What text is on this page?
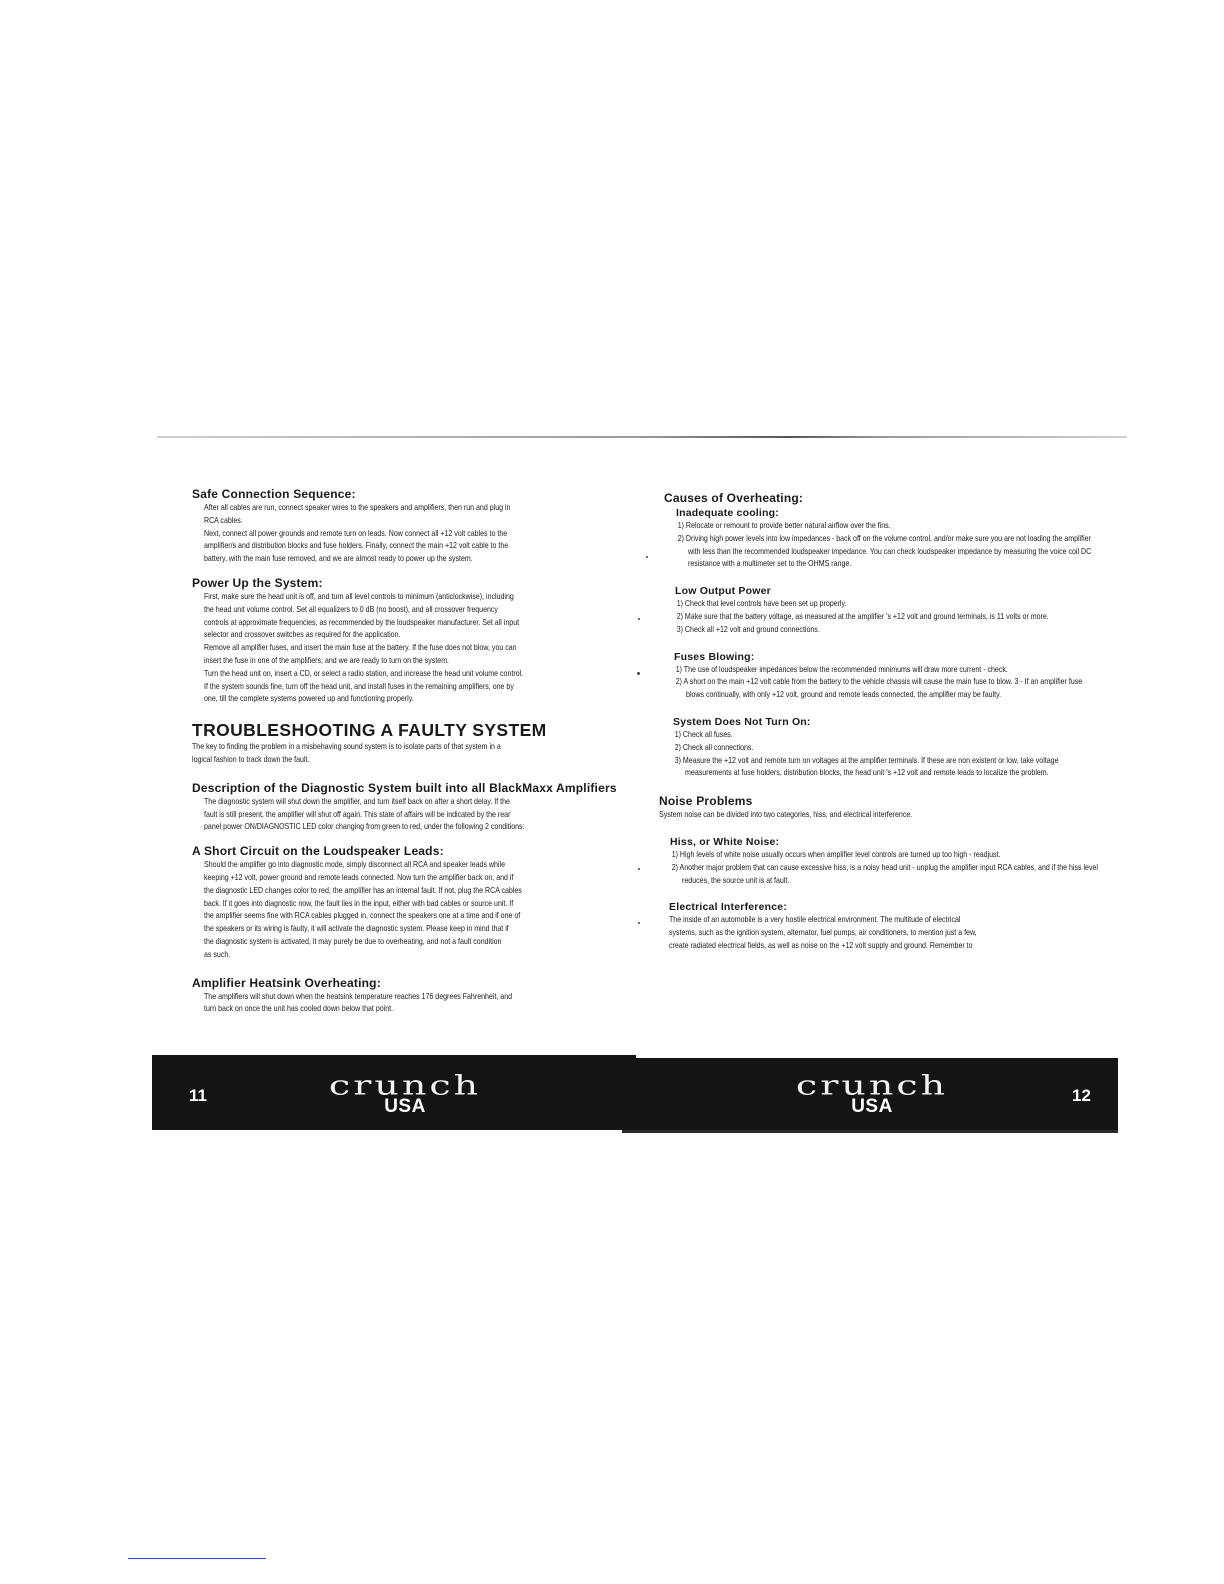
Safe Connection Sequence:

After all cables are run, connect speaker wires to the speakers and amplifiers, then run and plug in

RCA cables.

Next, connect all power grounds and remote turn on leads. Now connect all +12 volt cables to the

amplifier/s and distribution blocks and fuse holders. Finally, connect the main +12 volt cable to the

battery, with the main fuse removed, and we are almost ready to power up the system.

Power Up the System:

First, make sure the head unit is off, and turn all level controls to minimum (anticlockwise), including

the head unit volume control. Set all equalizers to 0 dB (no boost), and all crossover frequency

controls at approximate frequencies, as recommended by the loudspeaker manufacturer. Set all input

selector and crossover switches as required for the application.

Remove all amplifier fuses, and insert the main fuse at the battery. If the fuse does not blow, you can

insert the fuse in one of the amplifiers, and we are ready to turn on the system.

Turn the head unit on, insert a CD, or select a radio station, and increase the head unit volume control.

If the system sounds fine, turn off the head unit, and install fuses in the remaining amplifiers, one by

one, till the complete systems powered up and functioning properly.

TROUBLESHOOTING A FAULTY SYSTEM

The key to finding the problem in a misbehaving sound system is to isolate parts of that system in a

logical fashion to track down the fault.

Description of the Diagnostic System built into all BlackMaxx Amplifiers

The diagnostic system will shut down the amplifier, and turn itself back on after a short delay. If the

fault is still present, the amplifier will shut off again. This state of affairs will be indicated by the rear

panel power ON/DIAGNOSTIC LED color changing from green to red, under the following 2 conditions:

A Short Circuit on the Loudspeaker Leads:

Should the amplifier go into diagnostic mode, simply disconnect all RCA and speaker leads while

keeping +12 volt, power ground and remote leads connected. Now turn the amplifier back on, and if

the diagnostic LED changes color to red, the amplifier has an internal fault. If not, plug the RCA cables

back. If it goes into diagnostic now, the fault lies in the input, either with bad cables or source unit. If

the amplifier seems fine with RCA cables plugged in, connect the speakers one at a time and if one of

the speakers or its wiring is faulty, it will activate the diagnostic system. Please keep in mind that if

the diagnostic system is activated, it may purely be due to overheating, and not a fault condition

as such.

Amplifier Heatsink Overheating:

The amplifiers will shut down when the heatsink temperature reaches 176 degrees Fahrenheit, and

turn back on once the unit has cooled down below that point.

Causes of Overheating:

Inadequate cooling:

1) Relocate or remount to provide better natural airflow over the fins.

2) Driving high power levels into low impedances - back off on the volume control, and/or make sure you are not loading the amplifier with less than the recommended loudspeaker impedance. You can check loudspeaker impedance by measuring the voice coil DC resistance with a multimeter set to the OHMS range.

Low Output Power

1) Check that level controls have been set up properly.

2) Make sure that the battery voltage, as measured at the amplifier 's +12 volt and ground terminals, is 11 volts or more.

3) Check all +12 volt and ground connections.

Fuses Blowing:

1) The use of loudspeaker impedances below the recommended minimums will draw more current - check.

2) A short on the main +12 volt cable from the battery to the vehicle chassis will cause the main fuse to blow. 3 - If an amplifier fuse blows continually, with only +12 volt, ground and remote leads connected, the amplifier may be faulty.

System Does Not Turn On:

1) Check all fuses.

2) Check all connections.

3) Measure the +12 volt and remote turn on voltages at the amplifier terminals. If these are non existent or low, take voltage measurements at fuse holders, distribution blocks, the head unit 's +12 volt and remote leads to localize the problem.

Noise Problems

System noise can be divided into two categories, hiss, and electrical interference.

Hiss, or White Noise:

1) High levels of white noise usually occurs when amplifier level controls are turned up too high - readjust.

2) Another major problem that can cause excessive hiss, is a noisy head unit - unplug the amplifier input RCA cables, and if the hiss level reduces, the source unit is at fault.

Electrical Interference:

The inside of an automobile is a very hostile electrical environment. The multitude of electrical

systems, such as the ignition system, alternator, fuel pumps, air conditioners, to mention just a few,

create radiated electrical fields, as well as noise on the +12 volt supply and ground. Remember to

11	crunch
USA
crunch
USA
12
